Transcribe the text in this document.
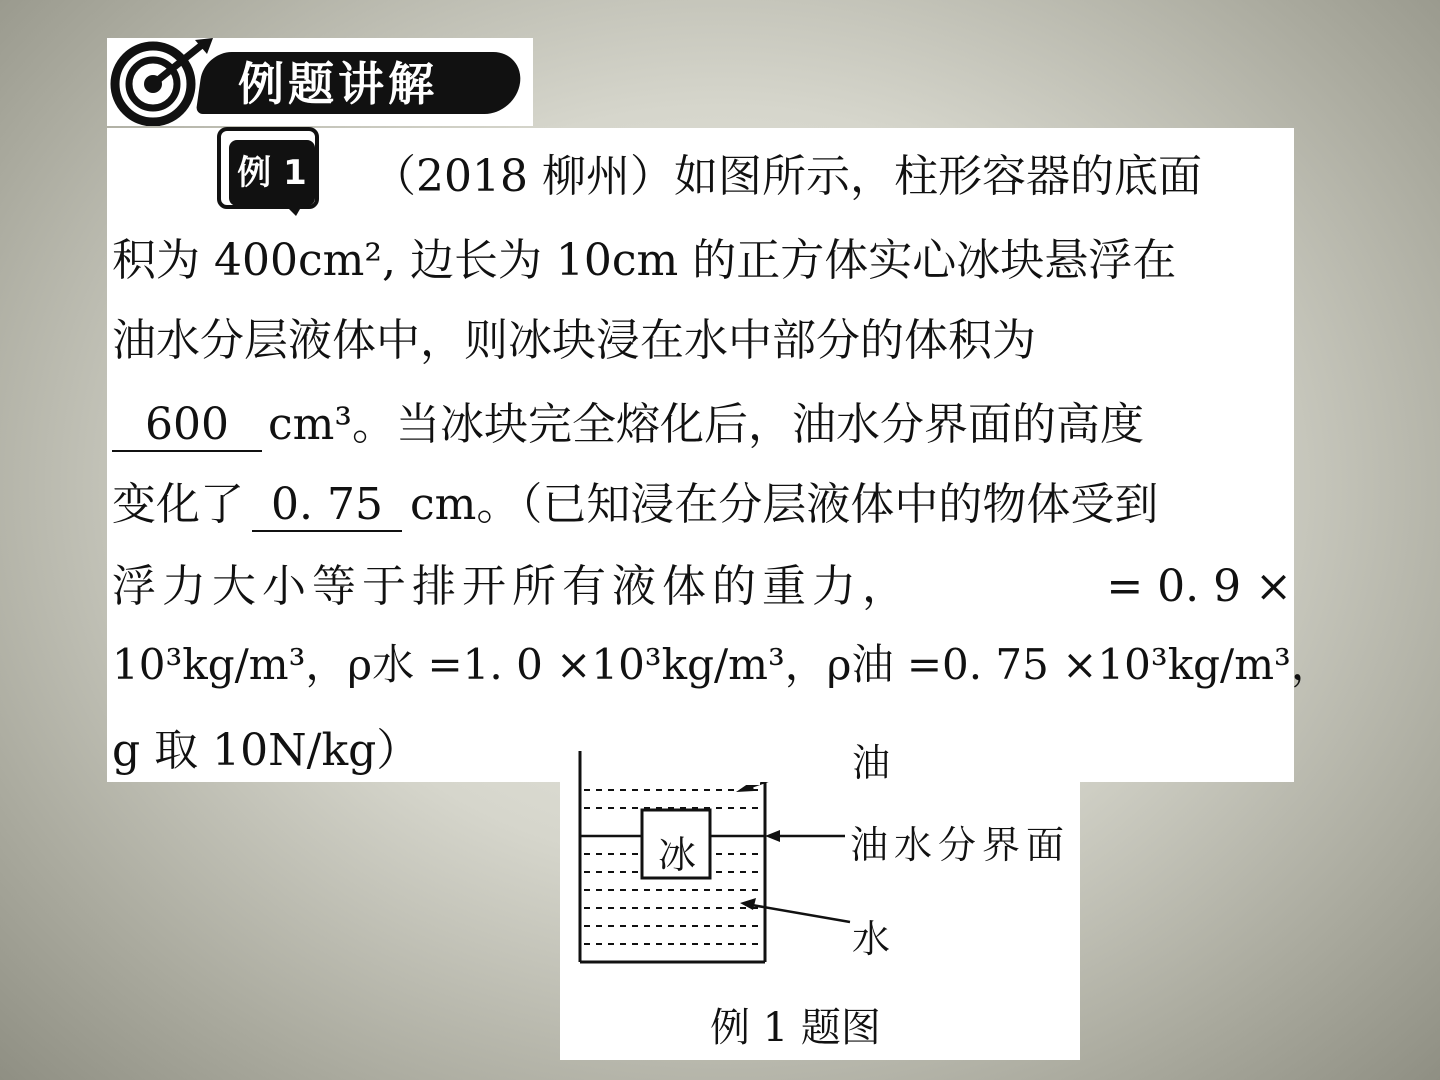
例题讲解
（2018 柳州）如图所示，柱形容器的底面
积为 400cm², 边长为 10cm 的正方体实心冰块悬浮在
油水分层液体中，则冰块浸在水中部分的体积为
600 cm³。当冰块完全熔化后，油水分界面的高度
变化了 0. 75 cm。（已知浸在分层液体中的物体受到
浮力大小等于排开所有液体的重力，	= 0. 9 ×
10³kg/m³，ρ水 =1. 0 ×10³kg/m³，ρ油 =0. 75 ×10³kg/m³，
g 取 10N/kg）
例 1
油
油水分界面
水
冰
例 1 题图
